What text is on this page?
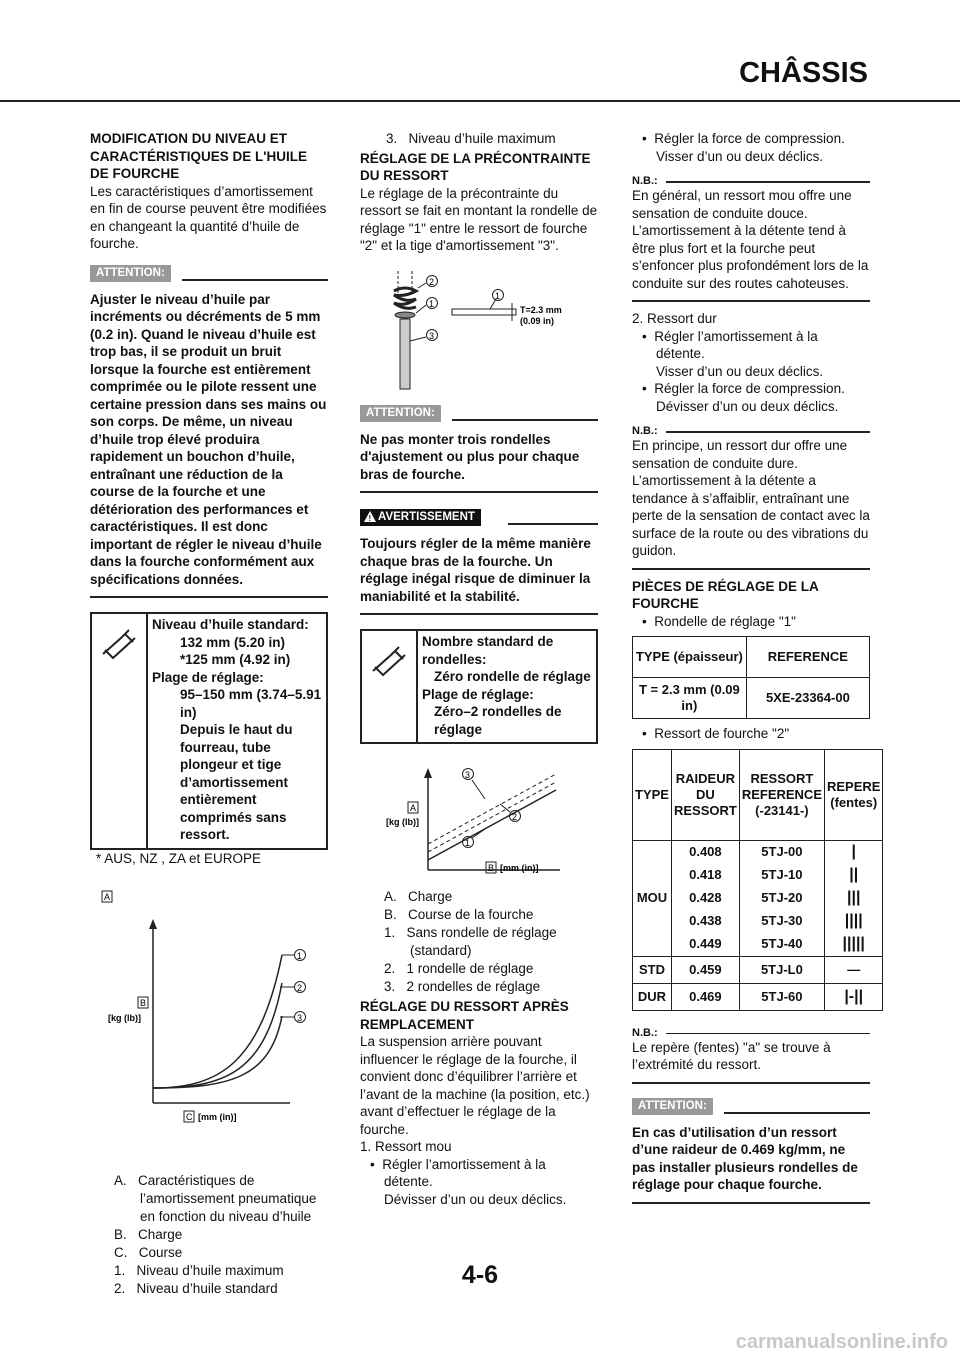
CHÂSSIS

MODIFICATION DU NIVEAU ET CARACTÉRISTIQUES DE L'HUILE DE FOURCHE

Les caractéristiques d’amortissement en fin de course peuvent être modifiées en changeant la quantité d’huile de fourche.

ATTENTION:

Ajuster le niveau d’huile par incréments ou décréments de 5 mm (0.2 in). Quand le niveau d’huile est trop bas, il se produit un bruit lorsque la fourche est entièrement comprimée ou le pilote ressent une certaine pression dans ses mains ou son corps. De même, un niveau d’huile trop élevé produira rapidement un bouchon d’huile, entraînant une réduction de la course de la fourche et une détérioration des performances et caractéristiques. Il est donc important de régler le niveau d’huile dans la fourche conformément aux spécifications données.

Niveau d’huile standard:

132 mm (5.20 in)

*125 mm (4.92 in)

Plage de réglage:

95–150 mm (3.74–5.91 in)

Depuis le haut du fourreau, tube plongeur et tige d’amortissement entièrement comprimés sans ressort.

* AUS, NZ , ZA et EUROPE

A
B
[kg (lb)]
C [mm (in)]
1
2
3

A. Caractéristiques de l’amortissement pneumatique en fonction du niveau d’huile

B. Charge

C. Course

1. Niveau d’huile maximum

2. Niveau d’huile standard

3. Niveau d’huile maximum

RÉGLAGE DE LA PRÉCONTRAINTE DU RESSORT

Le réglage de la précontrainte du ressort se fait en montant la rondelle de réglage "1" entre le ressort de fourche "2" et la tige d'amortissement "3".

2
1
3
1
T=2.3 mm
(0.09 in)
ATTENTION:

Ne pas monter trois rondelles d'ajustement ou plus pour chaque bras de fourche.

! AVERTISSEMENT

Toujours régler de la même manière chaque bras de la fourche. Un réglage inégal risque de diminuer la maniabilité et la stabilité.

Nombre standard de rondelles:

Zéro rondelle de réglage

Plage de réglage:

Zéro–2 rondelles de réglage

A
[kg (lb)]
B [mm (in)]
1
2
3

A. Charge

B. Course de la fourche

1. Sans rondelle de réglage (standard)

2. 1 rondelle de réglage

3. 2 rondelles de réglage

RÉGLAGE DU RESSORT APRÈS REMPLACEMENT

La suspension arrière pouvant influencer le réglage de la fourche, il convient donc d’équilibrer l’arrière et l’avant de la machine (la position, etc.) avant d’effectuer le réglage de la fourche.

1. Ressort mou

•  Régler l’amortissement à la détente.

Dévisser d’un ou deux déclics.

•  Régler la force de compression.

Visser d’un ou deux déclics.

N.B.:

En général, un ressort mou offre une sensation de conduite douce. L’amortissement à la détente tend à être plus fort et la fourche peut s’enfoncer plus profondément lors de la conduite sur des routes cahoteuses.

2. Ressort dur

•  Régler l’amortissement à la détente.

Visser d’un ou deux déclics.

•  Régler la force de compression.

Dévisser d’un ou deux déclics.

N.B.:

En principe, un ressort dur offre une sensation de conduite dure. L’amortissement à la détente a tendance à s’affaiblir, entraînant une perte de la sensation de contact avec la surface de la route ou des vibrations du guidon.

PIÈCES DE RÉGLAGE DE LA FOURCHE

•  Rondelle de réglage "1"

TYPE (épaisseur)	REFERENCE
T = 2.3 mm (0.09 in)	5XE-23364-00

•  Ressort de fourche "2"

TYPE	RAIDEUR DU RESSORT	RESSORT REFERENCE (-23141-)	REPERE (fentes)
MOU	0.408	5TJ-00	|
	0.418	5TJ-10	||
	0.428	5TJ-20	|||
	0.438	5TJ-30	||||
	0.449	5TJ-40	|||||
STD	0.459	5TJ-L0	—
DUR	0.469	5TJ-60	|-||
N.B.:

Le repère (fentes) "a" se trouve à l’extrémité du ressort.

ATTENTION:

En cas d’utilisation d’un ressort d’une raideur de 0.469 kg/mm, ne pas installer plusieurs rondelles de réglage pour chaque fourche.

4-6
carmanualsonline.info
